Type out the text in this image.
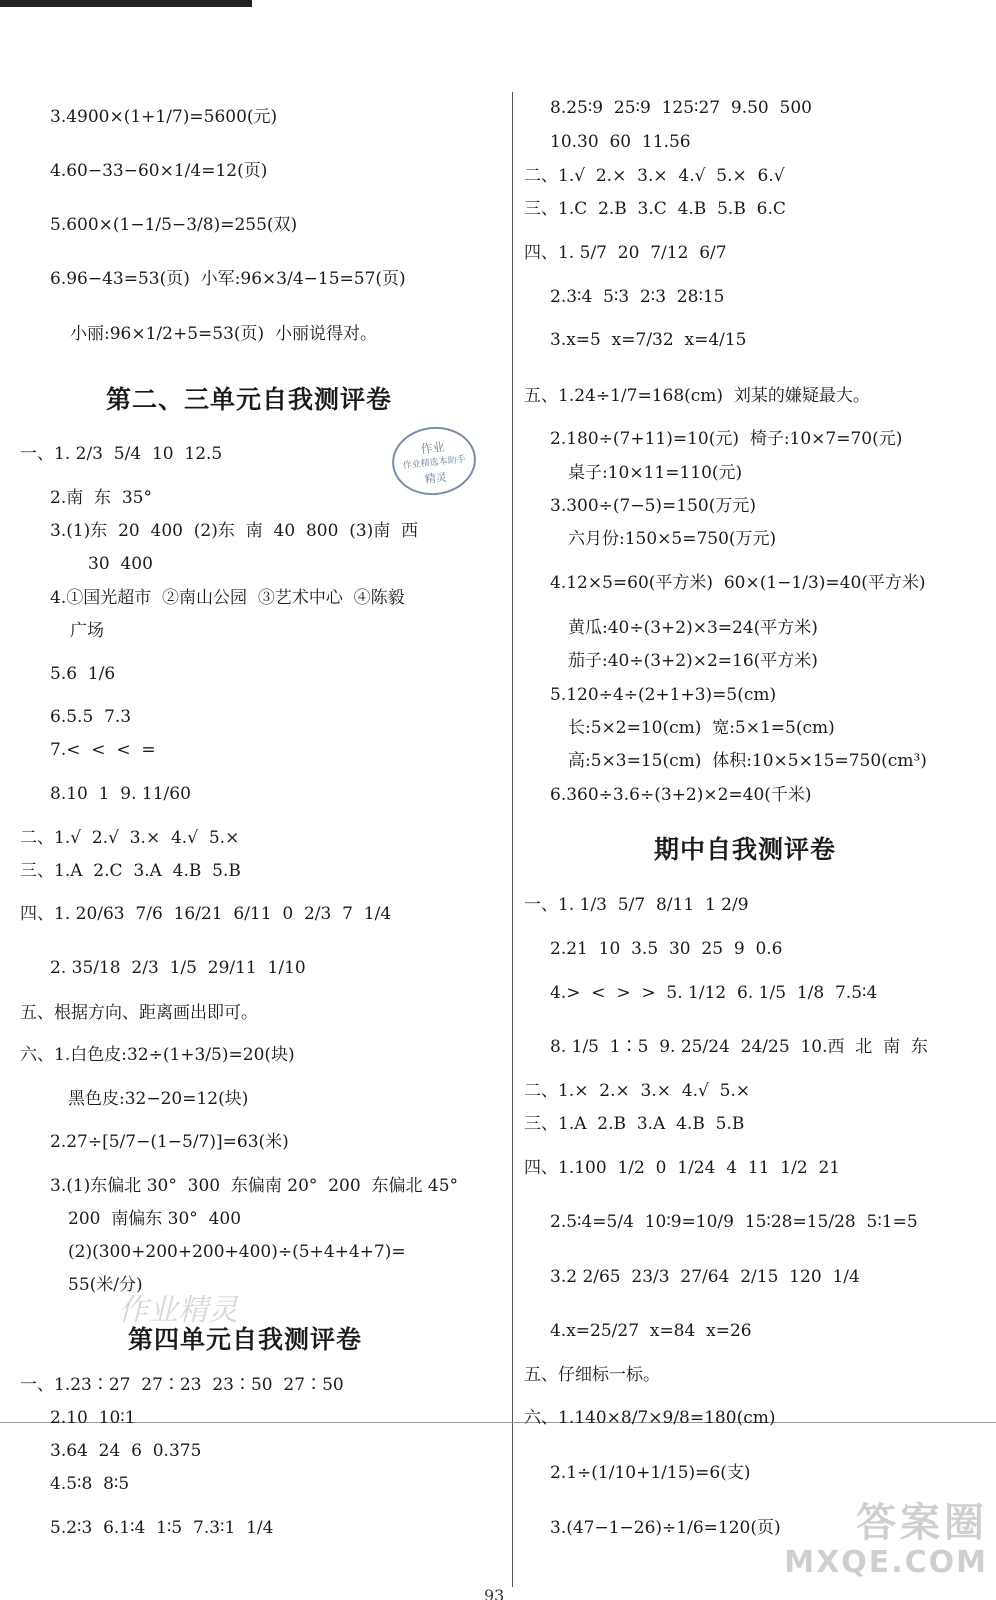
3.4900×(1+1/7)=5600(元)
4.60−33−60×1/4=12(页)
5.600×(1−1/5−3/8)=255(双)
6.96−43=53(页)  小军:96×3/4−15=57(页)
小丽:96×1/2+5=53(页)  小丽说得对。
第二、三单元自我测评卷
一、1. 2/3  5/4  10  12.5
2.南  东  35°
3.(1)东  20  400  (2)东  南  40  800  (3)南  西
30  400
4.①国光超市  ②南山公园  ③艺术中心  ④陈毅
广场
5.6  1/6
6.5.5  7.3
7.<  <  <  =
8.10  1  9. 11/60
二、1.√  2.√  3.×  4.√  5.×
三、1.A  2.C  3.A  4.B  5.B
四、1. 20/63  7/6  16/21  6/11  0  2/3  7  1/4
2. 35/18  2/3  1/5  29/11  1/10
五、根据方向、距离画出即可。
六、1.白色皮:32÷(1+3/5)=20(块)
黑色皮:32−20=12(块)
2.27÷[5/7−(1−5/7)]=63(米)
3.(1)东偏北 30°  300  东偏南 20°  200  东偏北 45°
200  南偏东 30°  400
(2)(300+200+200+400)÷(5+4+4+7)=
55(米/分)
第四单元自我测评卷
一、1.23∶27  27∶23  23∶50  27∶50
2.10  10∶1
3.64  24  6  0.375
4.5∶8  8∶5
5.2∶3  6.1∶4  1∶5  7.3∶1  1/4
8.25∶9  25∶9  125∶27  9.50  500
10.30  60  11.56
二、1.√  2.×  3.×  4.√  5.×  6.√
三、1.C  2.B  3.C  4.B  5.B  6.C
四、1. 5/7  20  7/12  6/7
2.3∶4  5∶3  2∶3  28∶15
3.x=5  x=7/32  x=4/15
五、1.24÷1/7=168(cm)  刘某的嫌疑最大。
2.180÷(7+11)=10(元)  椅子:10×7=70(元)
桌子:10×11=110(元)
3.300÷(7−5)=150(万元)
六月份:150×5=750(万元)
4.12×5=60(平方米)  60×(1−1/3)=40(平方米)
黄瓜:40÷(3+2)×3=24(平方米)
茄子:40÷(3+2)×2=16(平方米)
5.120÷4÷(2+1+3)=5(cm)
长:5×2=10(cm)  宽:5×1=5(cm)
高:5×3=15(cm)  体积:10×5×15=750(cm³)
6.360÷3.6÷(3+2)×2=40(千米)
期中自我测评卷
一、1. 1/3  5/7  8/11  1 2/9
2.21  10  3.5  30  25  9  0.6
4.>  <  >  >  5. 1/12  6. 1/5  1/8  7.5∶4
8. 1/5  1∶5  9. 25/24  24/25  10.西  北  南  东
二、1.×  2.×  3.×  4.√  5.×
三、1.A  2.B  3.A  4.B  5.B
四、1.100  1/2  0  1/24  4  11  1/2  21
2.5∶4=5/4  10∶9=10/9  15∶28=15/28  5∶1=5
3.2 2/65  23/3  27/64  2/15  120  1/4
4.x=25/27  x=84  x=26
五、仔细标一标。
六、1.140×8/7×9/8=180(cm)
2.1÷(1/10+1/15)=6(支)
3.(47−1−26)÷1/6=120(页)
作业
作业精选本助手
精灵
作业精灵
答案圈
MXQE.COM
93
